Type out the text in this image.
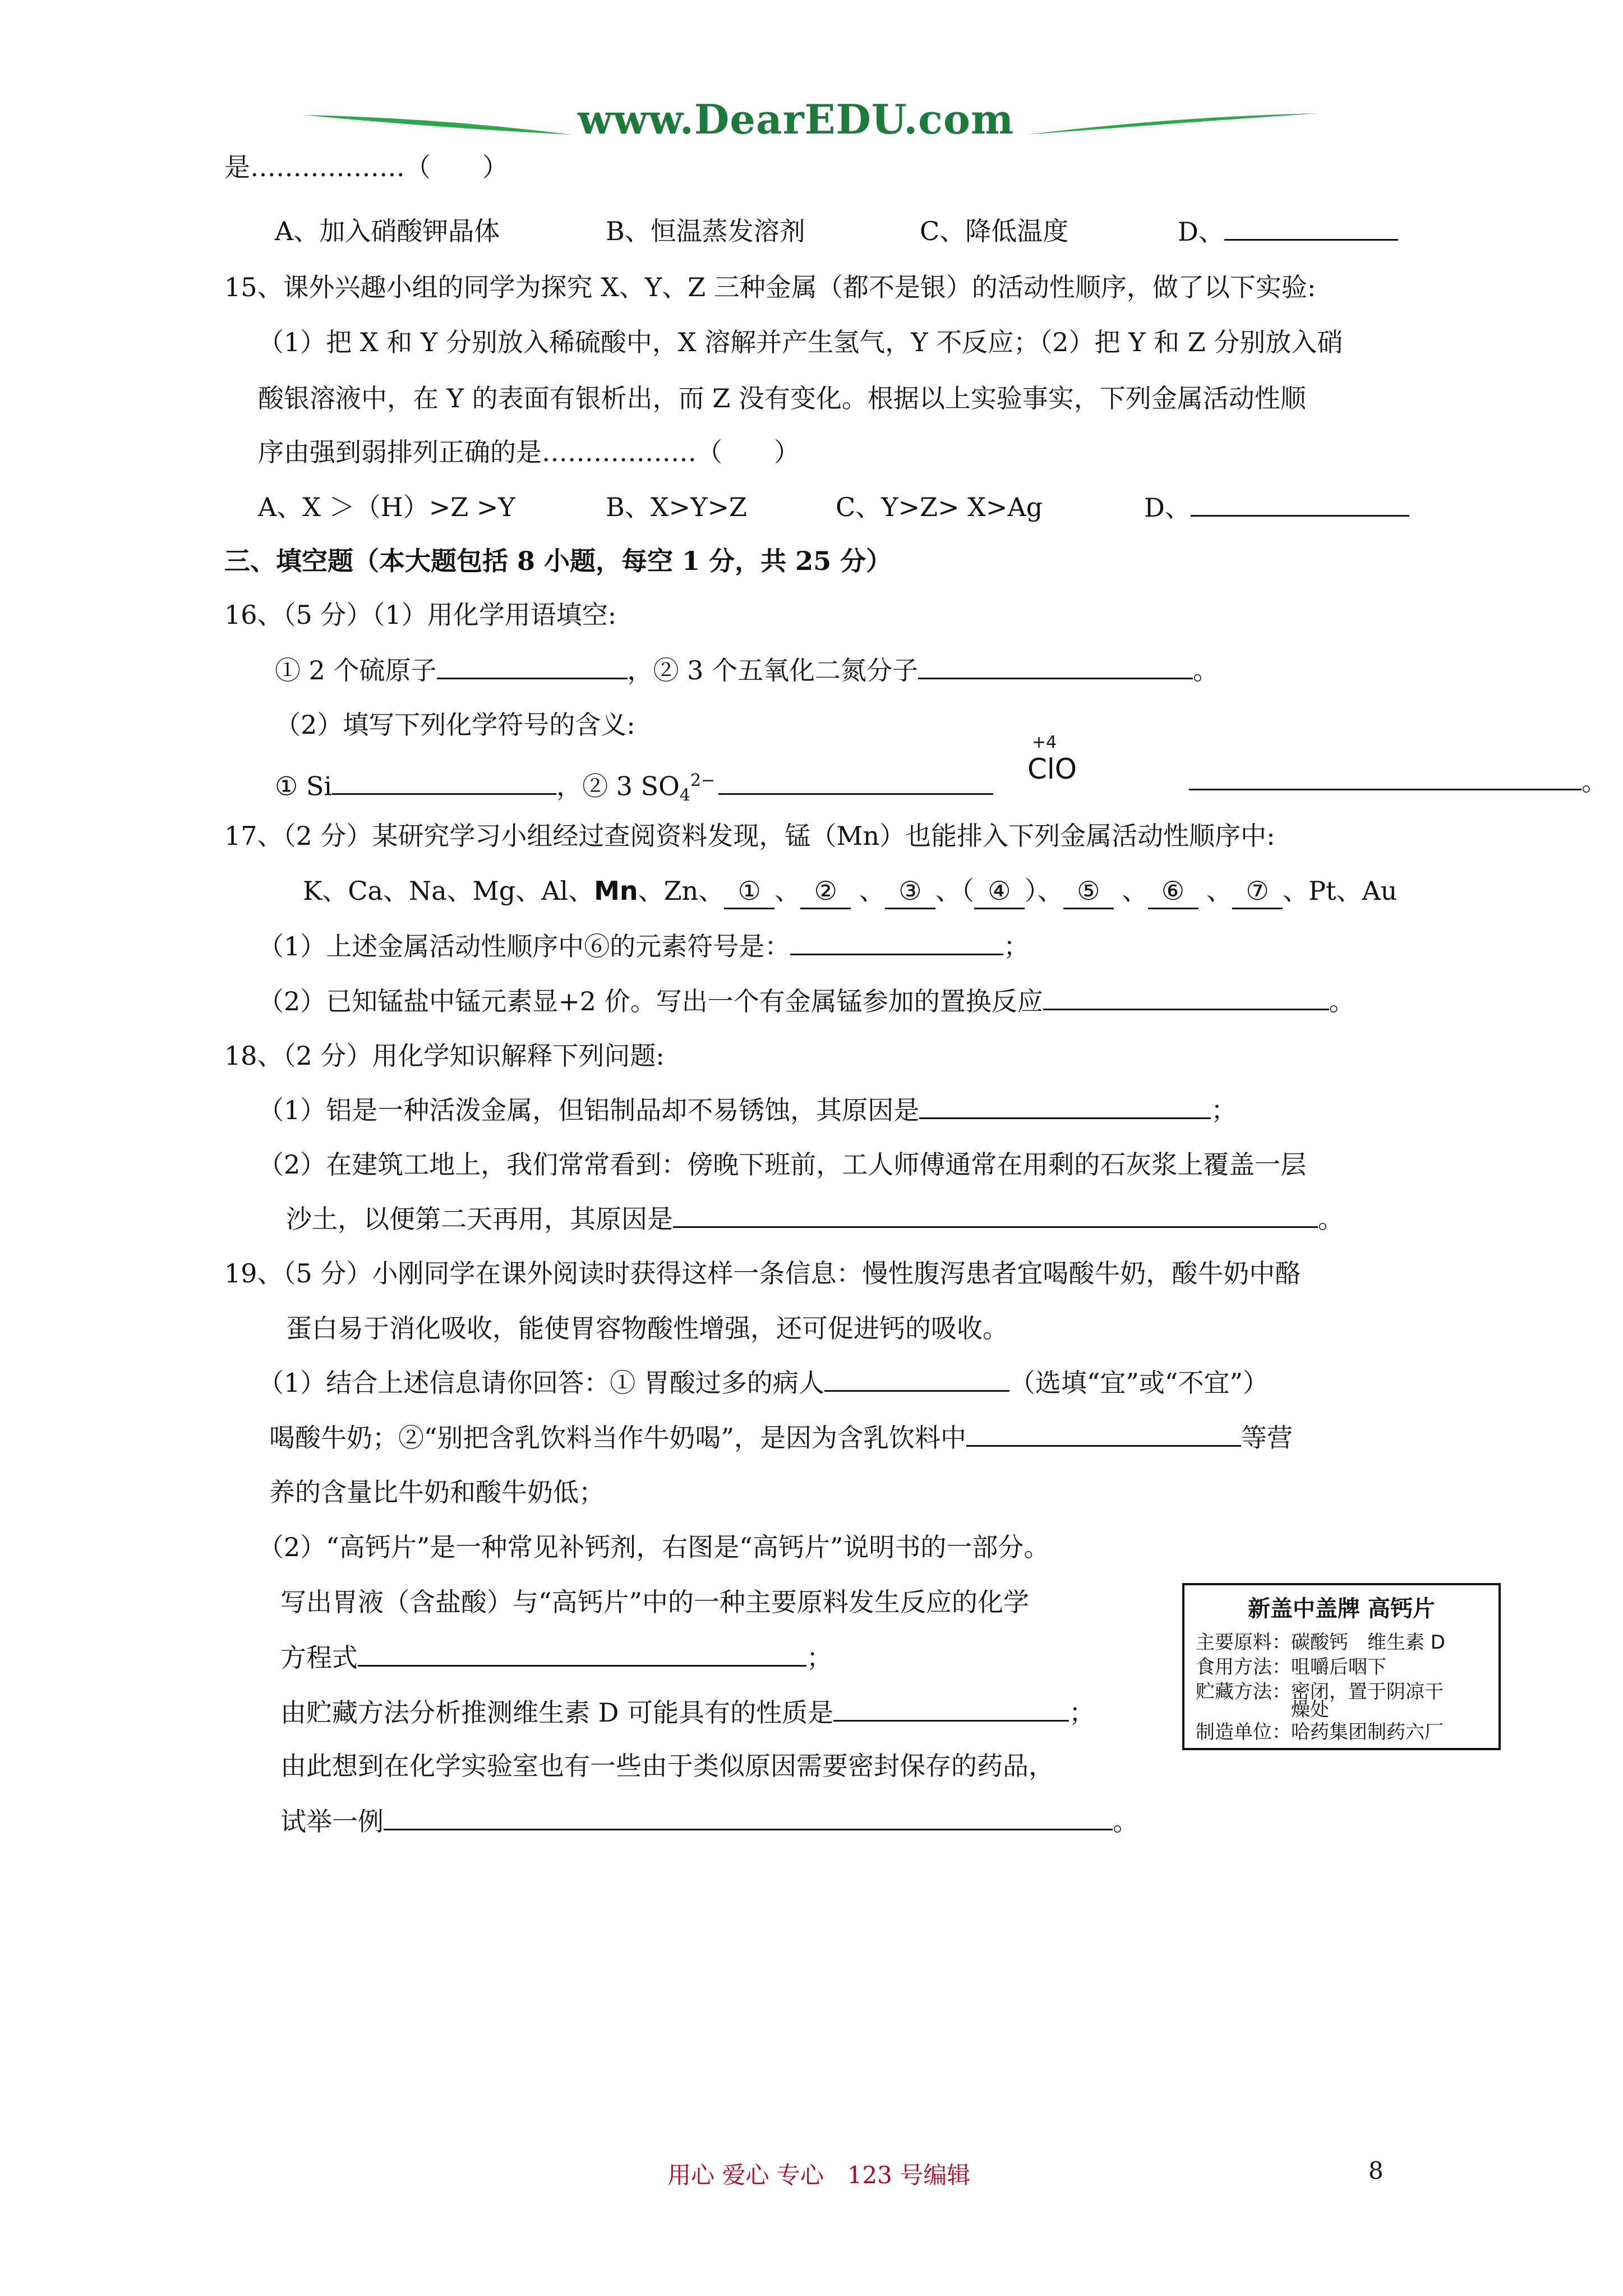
www.DearEDU.com
是………………（　　）
A、加入硝酸钾晶体	B、恒温蒸发溶剂	C、降低温度	D、
15、课外兴趣小组的同学为探究 X、Y、Z 三种金属（都不是银）的活动性顺序，做了以下实验:
（1）把 X 和 Y 分别放入稀硫酸中，X 溶解并产生氢气，Y 不反应；（2）把 Y 和 Z 分别放入硝
酸银溶液中，在 Y 的表面有银析出，而 Z 没有变化。根据以上实验事实，下列金属活动性顺
序由强到弱排列正确的是………………（　　）
A、X ＞（H）>Z >Y	B、X>Y>Z	C、Y>Z> X>Ag	D、
三、填空题（本大题包括 8 小题，每空 1 分，共 25 分）
16、（5 分）（1）用化学用语填空:
① 2 个硫原子	，② 3 个五氧化二氮分子	。
（2）填写下列化学符号的含义:
① Si	，② 3 $SO_4^{2-}$
+4
ClO	。
17、（2 分）某研究学习小组经过查阅资料发现，锰（Mn）也能排入下列金属活动性顺序中:
K、Ca、Na、Mg、Al、Mn、Zn、 ① 、 ② 、 ③ 、（ ④ ）、 ⑤ 、 ⑥ 、 ⑦ 、Pt、Au
（1）上述金属活动性顺序中⑥的元素符号是：	；
（2）已知锰盐中锰元素显+2 价。写出一个有金属锰参加的置换反应	。
18、（2 分）用化学知识解释下列问题:
（1）铝是一种活泼金属，但铝制品却不易锈蚀，其原因是	；
（2）在建筑工地上，我们常常看到：傍晚下班前，工人师傅通常在用剩的石灰浆上覆盖一层
沙土，以便第二天再用，其原因是	。
19、（5 分）小刚同学在课外阅读时获得这样一条信息：慢性腹泻患者宜喝酸牛奶，酸牛奶中酪
蛋白易于消化吸收，能使胃容物酸性增强，还可促进钙的吸收。
（1）结合上述信息请你回答：① 胃酸过多的病人	（选填“宜”或“不宜”）
喝酸牛奶；②“别把含乳饮料当作牛奶喝”，是因为含乳饮料中	等营
养的含量比牛奶和酸牛奶低；
（2）“高钙片”是一种常见补钙剂，右图是“高钙片”说明书的一部分。
写出胃液（含盐酸）与“高钙片”中的一种主要原料发生反应的化学
方程式	；
由贮藏方法分析推测维生素 D 可能具有的性质是	；
由此想到在化学实验室也有一些由于类似原因需要密封保存的药品，
试举一例	。
新盖中盖牌 高钙片
主要原料：碳酸钙　维生素 D
食用方法：咀嚼后咽下
贮藏方法：密闭，置于阴凉干
　　　　　燥处
制造单位：哈药集团制药六厂
用心 爱心 专心　123 号编辑	8
